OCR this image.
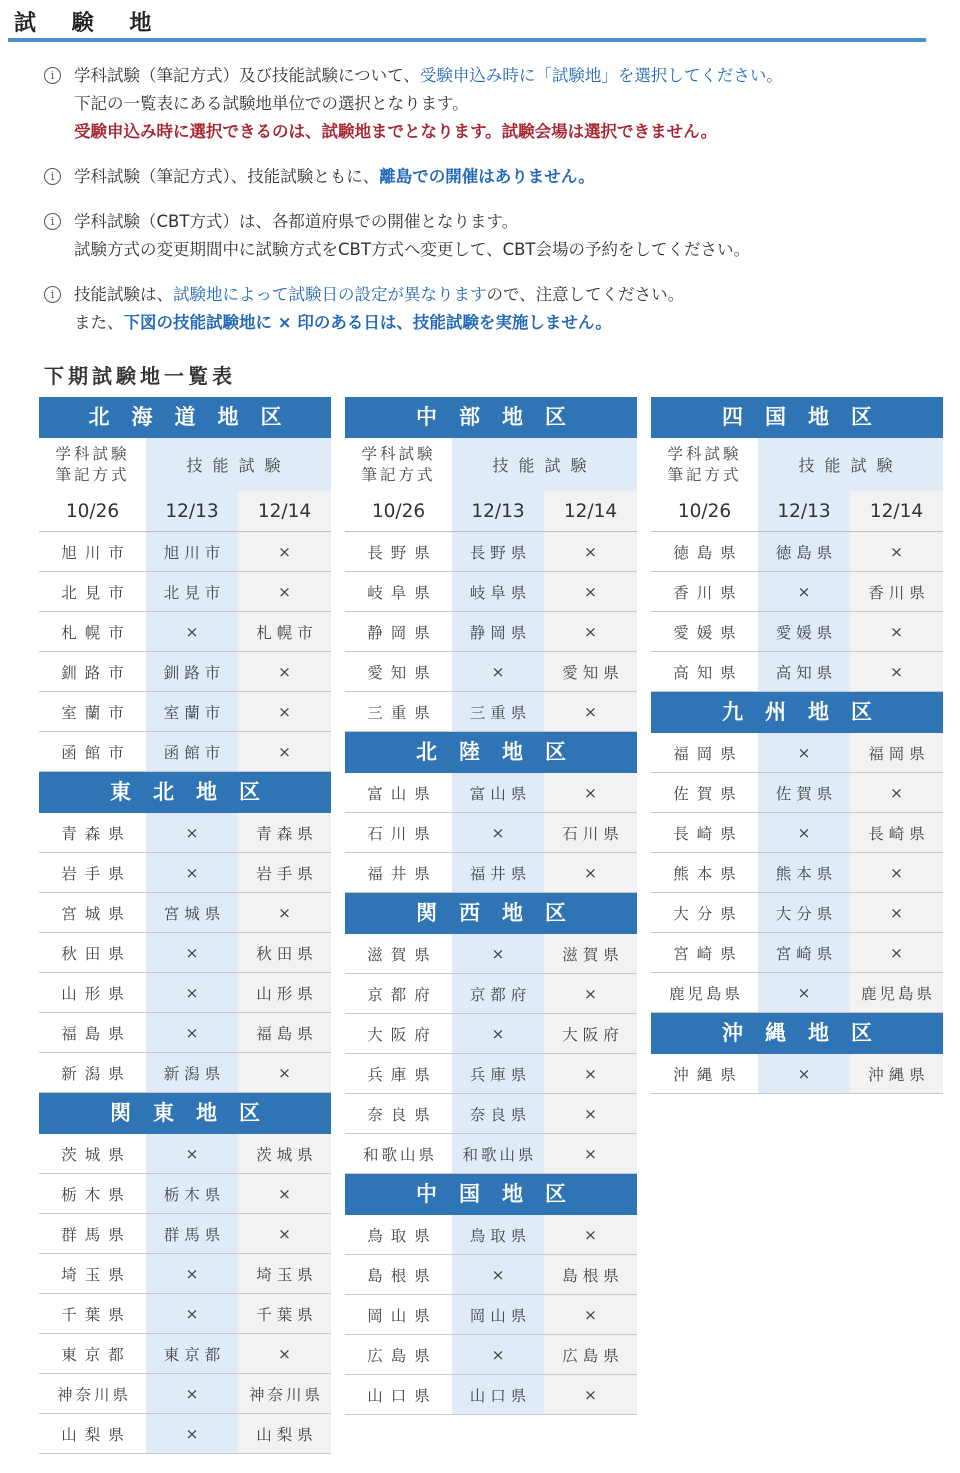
試 験 地
i	学科試験（筆記方式）及び技能試験について、受験申込み時に「試験地」を選択してください。
下記の一覧表にある試験地単位での選択となります。
受験申込み時に選択できるのは、試験地までとなります。試験会場は選択できません。
i	学科試験（筆記方式）、技能試験ともに、離島での開催はありません。
i	学科試験（CBT方式）は、各都道府県での開催となります。
試験方式の変更期間中に試験方式をCBT方式へ変更して、CBT会場の予約をしてください。
i	技能試験は、試験地によって試験日の設定が異なりますので、注意してください。
また、下図の技能試験地に × 印のある日は、技能試験を実施しません。
下期試験地一覧表
北海道地区
学科試験
筆記方式	技能試験
10/26	12/13	12/14
旭川市	旭川市	×
北見市	北見市	×
札幌市	×	札幌市
釧路市	釧路市	×
室蘭市	室蘭市	×
函館市	函館市	×
東北地区
青森県	×	青森県
岩手県	×	岩手県
宮城県	宮城県	×
秋田県	×	秋田県
山形県	×	山形県
福島県	×	福島県
新潟県	新潟県	×
関東地区
茨城県	×	茨城県
栃木県	栃木県	×
群馬県	群馬県	×
埼玉県	×	埼玉県
千葉県	×	千葉県
東京都	東京都	×
神奈川県	×	神奈川県
山梨県	×	山梨県
中部地区
学科試験
筆記方式	技能試験
10/26	12/13	12/14
長野県	長野県	×
岐阜県	岐阜県	×
静岡県	静岡県	×
愛知県	×	愛知県
三重県	三重県	×
北陸地区
富山県	富山県	×
石川県	×	石川県
福井県	福井県	×
関西地区
滋賀県	×	滋賀県
京都府	京都府	×
大阪府	×	大阪府
兵庫県	兵庫県	×
奈良県	奈良県	×
和歌山県	和歌山県	×
中国地区
鳥取県	鳥取県	×
島根県	×	島根県
岡山県	岡山県	×
広島県	×	広島県
山口県	山口県	×
四国地区
学科試験
筆記方式	技能試験
10/26	12/13	12/14
徳島県	徳島県	×
香川県	×	香川県
愛媛県	愛媛県	×
高知県	高知県	×
九州地区
福岡県	×	福岡県
佐賀県	佐賀県	×
長崎県	×	長崎県
熊本県	熊本県	×
大分県	大分県	×
宮崎県	宮崎県	×
鹿児島県	×	鹿児島県
沖縄地区
沖縄県	×	沖縄県
